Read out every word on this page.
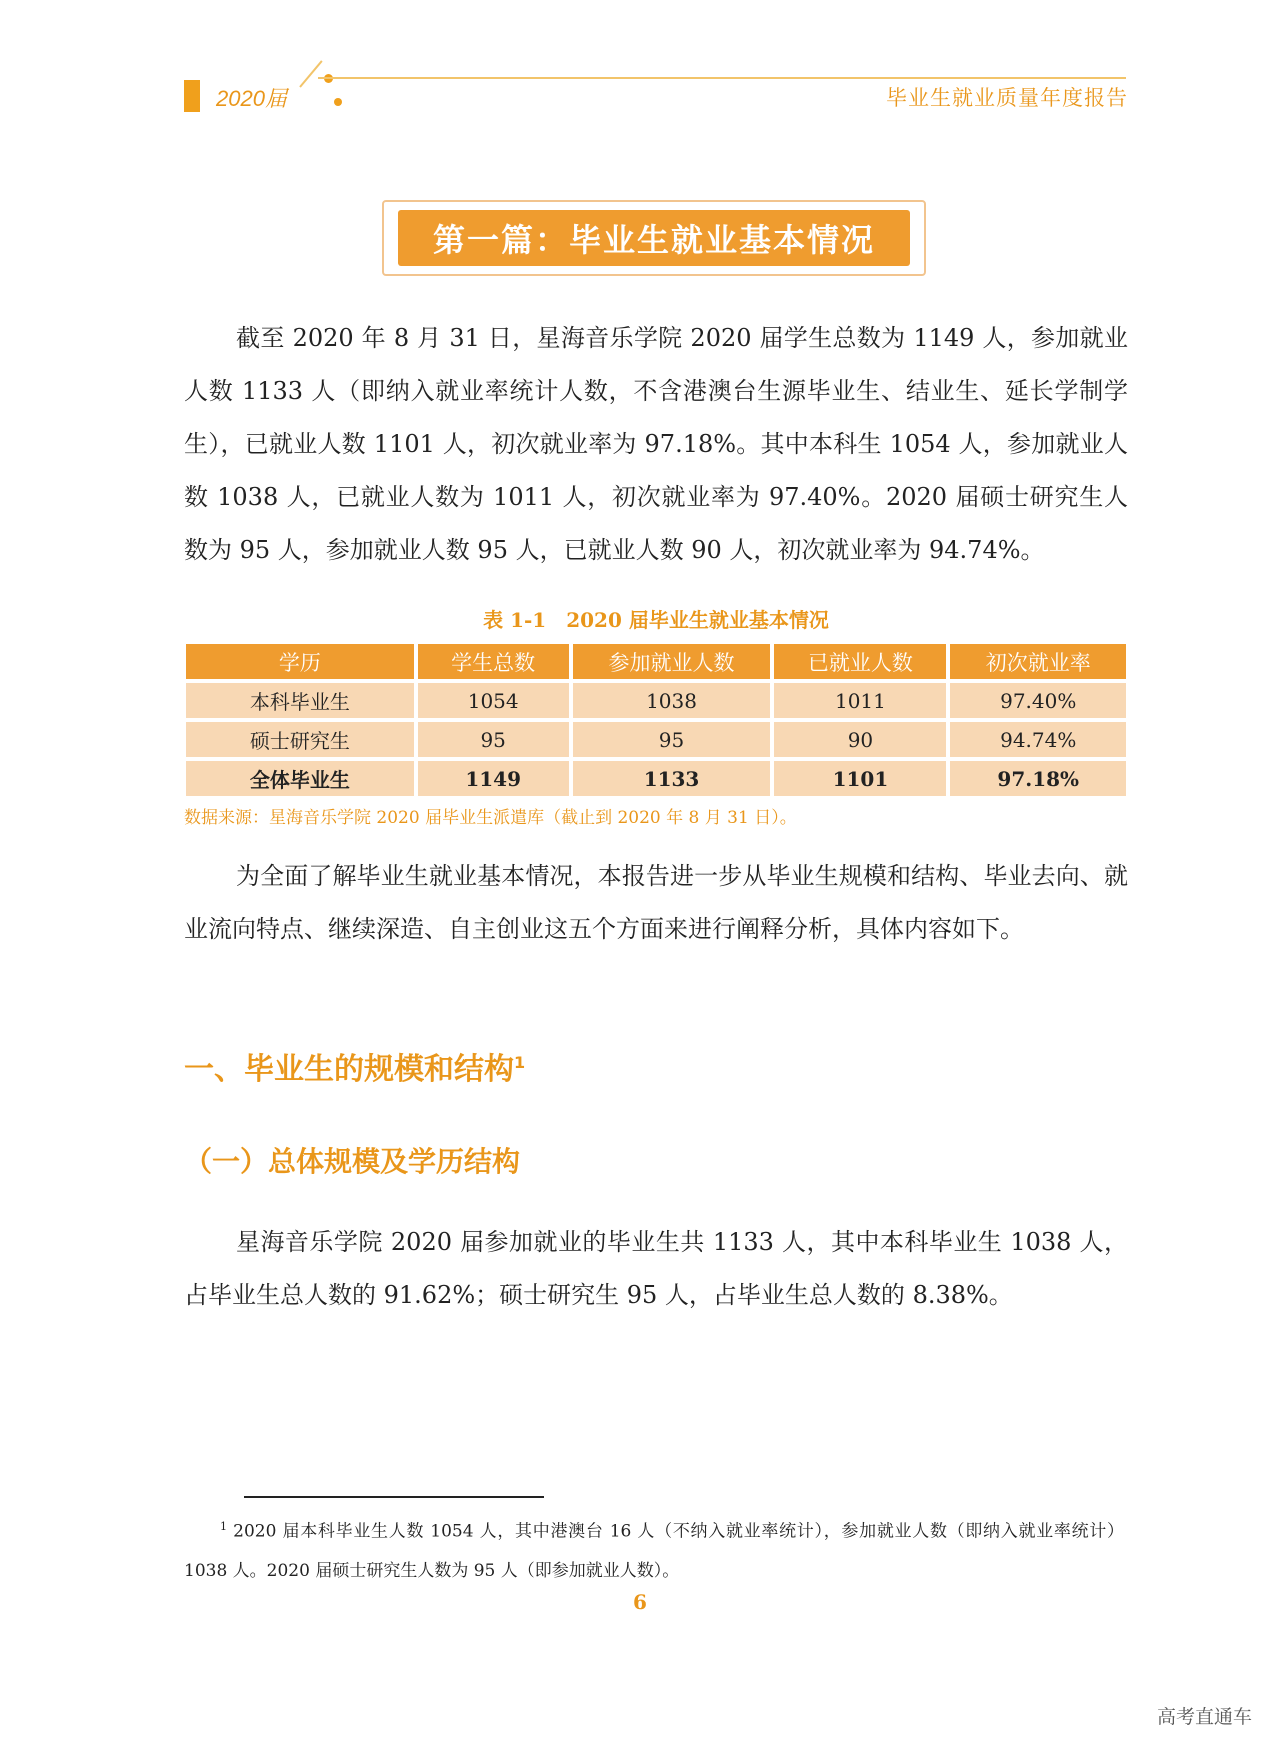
2020届	毕业生就业质量年度报告
第一篇：毕业生就业基本情况

截至 2020 年 8 月 31 日，星海音乐学院 2020 届学生总数为 1149 人，参加就业人数 1133 人（即纳入就业率统计人数，不含港澳台生源毕业生、结业生、延长学制学生），已就业人数 1101 人，初次就业率为 97.18%。其中本科生 1054 人，参加就业人数 1038 人，已就业人数为 1011 人，初次就业率为 97.40%。2020 届硕士研究生人数为 95 人，参加就业人数 95 人，已就业人数 90 人，初次就业率为 94.74%。

表 1-1　2020 届毕业生就业基本情况
学历	学生总数	参加就业人数	已就业人数	初次就业率
本科毕业生	1054	1038	1011	97.40%
硕士研究生	95	95	90	94.74%
全体毕业生	1149	1133	1101	97.18%
数据来源：星海音乐学院 2020 届毕业生派遣库（截止到 2020 年 8 月 31 日）。

为全面了解毕业生就业基本情况，本报告进一步从毕业生规模和结构、毕业去向、就业流向特点、继续深造、自主创业这五个方面来进行阐释分析，具体内容如下。

一、毕业生的规模和结构$^1$
（一）总体规模及学历结构

星海音乐学院 2020 届参加就业的毕业生共 1133 人，其中本科毕业生 1038 人，占毕业生总人数的 91.62%；硕士研究生 95 人，占毕业生总人数的 8.38%。

$^1$ 2020 届本科毕业生人数 1054 人，其中港澳台 16 人（不纳入就业率统计），参加就业人数（即纳入就业率统计）1038 人。2020 届硕士研究生人数为 95 人（即参加就业人数）。

6
高考直通车
